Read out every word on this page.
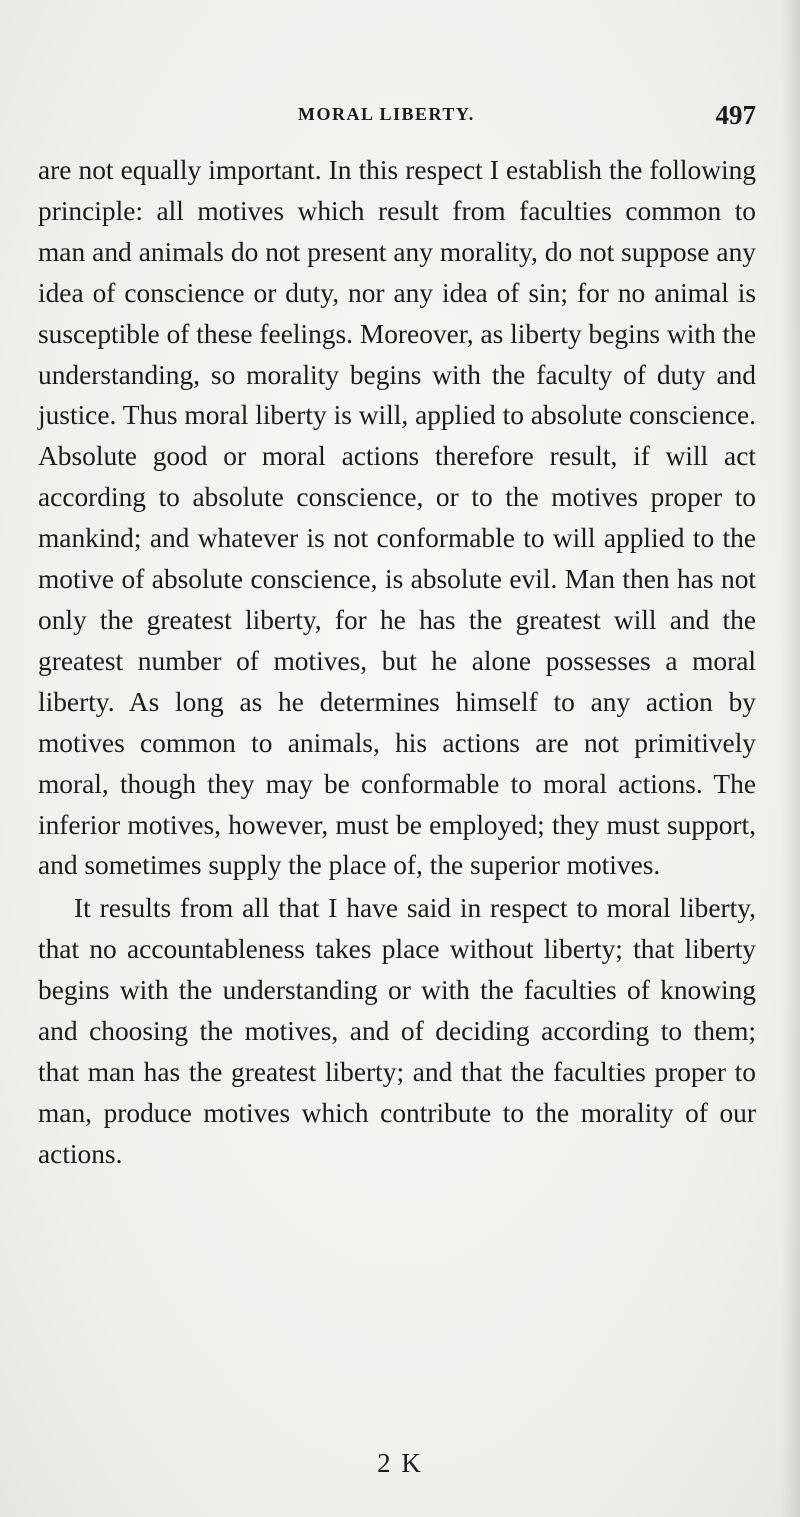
MORAL LIBERTY.	497

are not equally important. In this respect I establish the following principle: all motives which result from faculties common to man and animals do not present any morality, do not suppose any idea of conscience or duty, nor any idea of sin; for no animal is susceptible of these feelings. Moreover, as liberty begins with the understanding, so morality begins with the faculty of duty and justice. Thus moral liberty is will, applied to absolute conscience. Absolute good or moral actions therefore result, if will act according to absolute conscience, or to the motives proper to mankind; and whatever is not conformable to will applied to the motive of absolute conscience, is absolute evil. Man then has not only the greatest liberty, for he has the greatest will and the greatest number of motives, but he alone possesses a moral liberty. As long as he determines himself to any action by motives common to animals, his actions are not primitively moral, though they may be conformable to moral actions. The inferior motives, however, must be employed; they must support, and sometimes supply the place of, the superior motives.

It results from all that I have said in respect to moral liberty, that no accountableness takes place without liberty; that liberty begins with the understanding or with the faculties of knowing and choosing the motives, and of deciding according to them; that man has the greatest liberty; and that the faculties proper to man, produce motives which contribute to the morality of our actions.

2 K
